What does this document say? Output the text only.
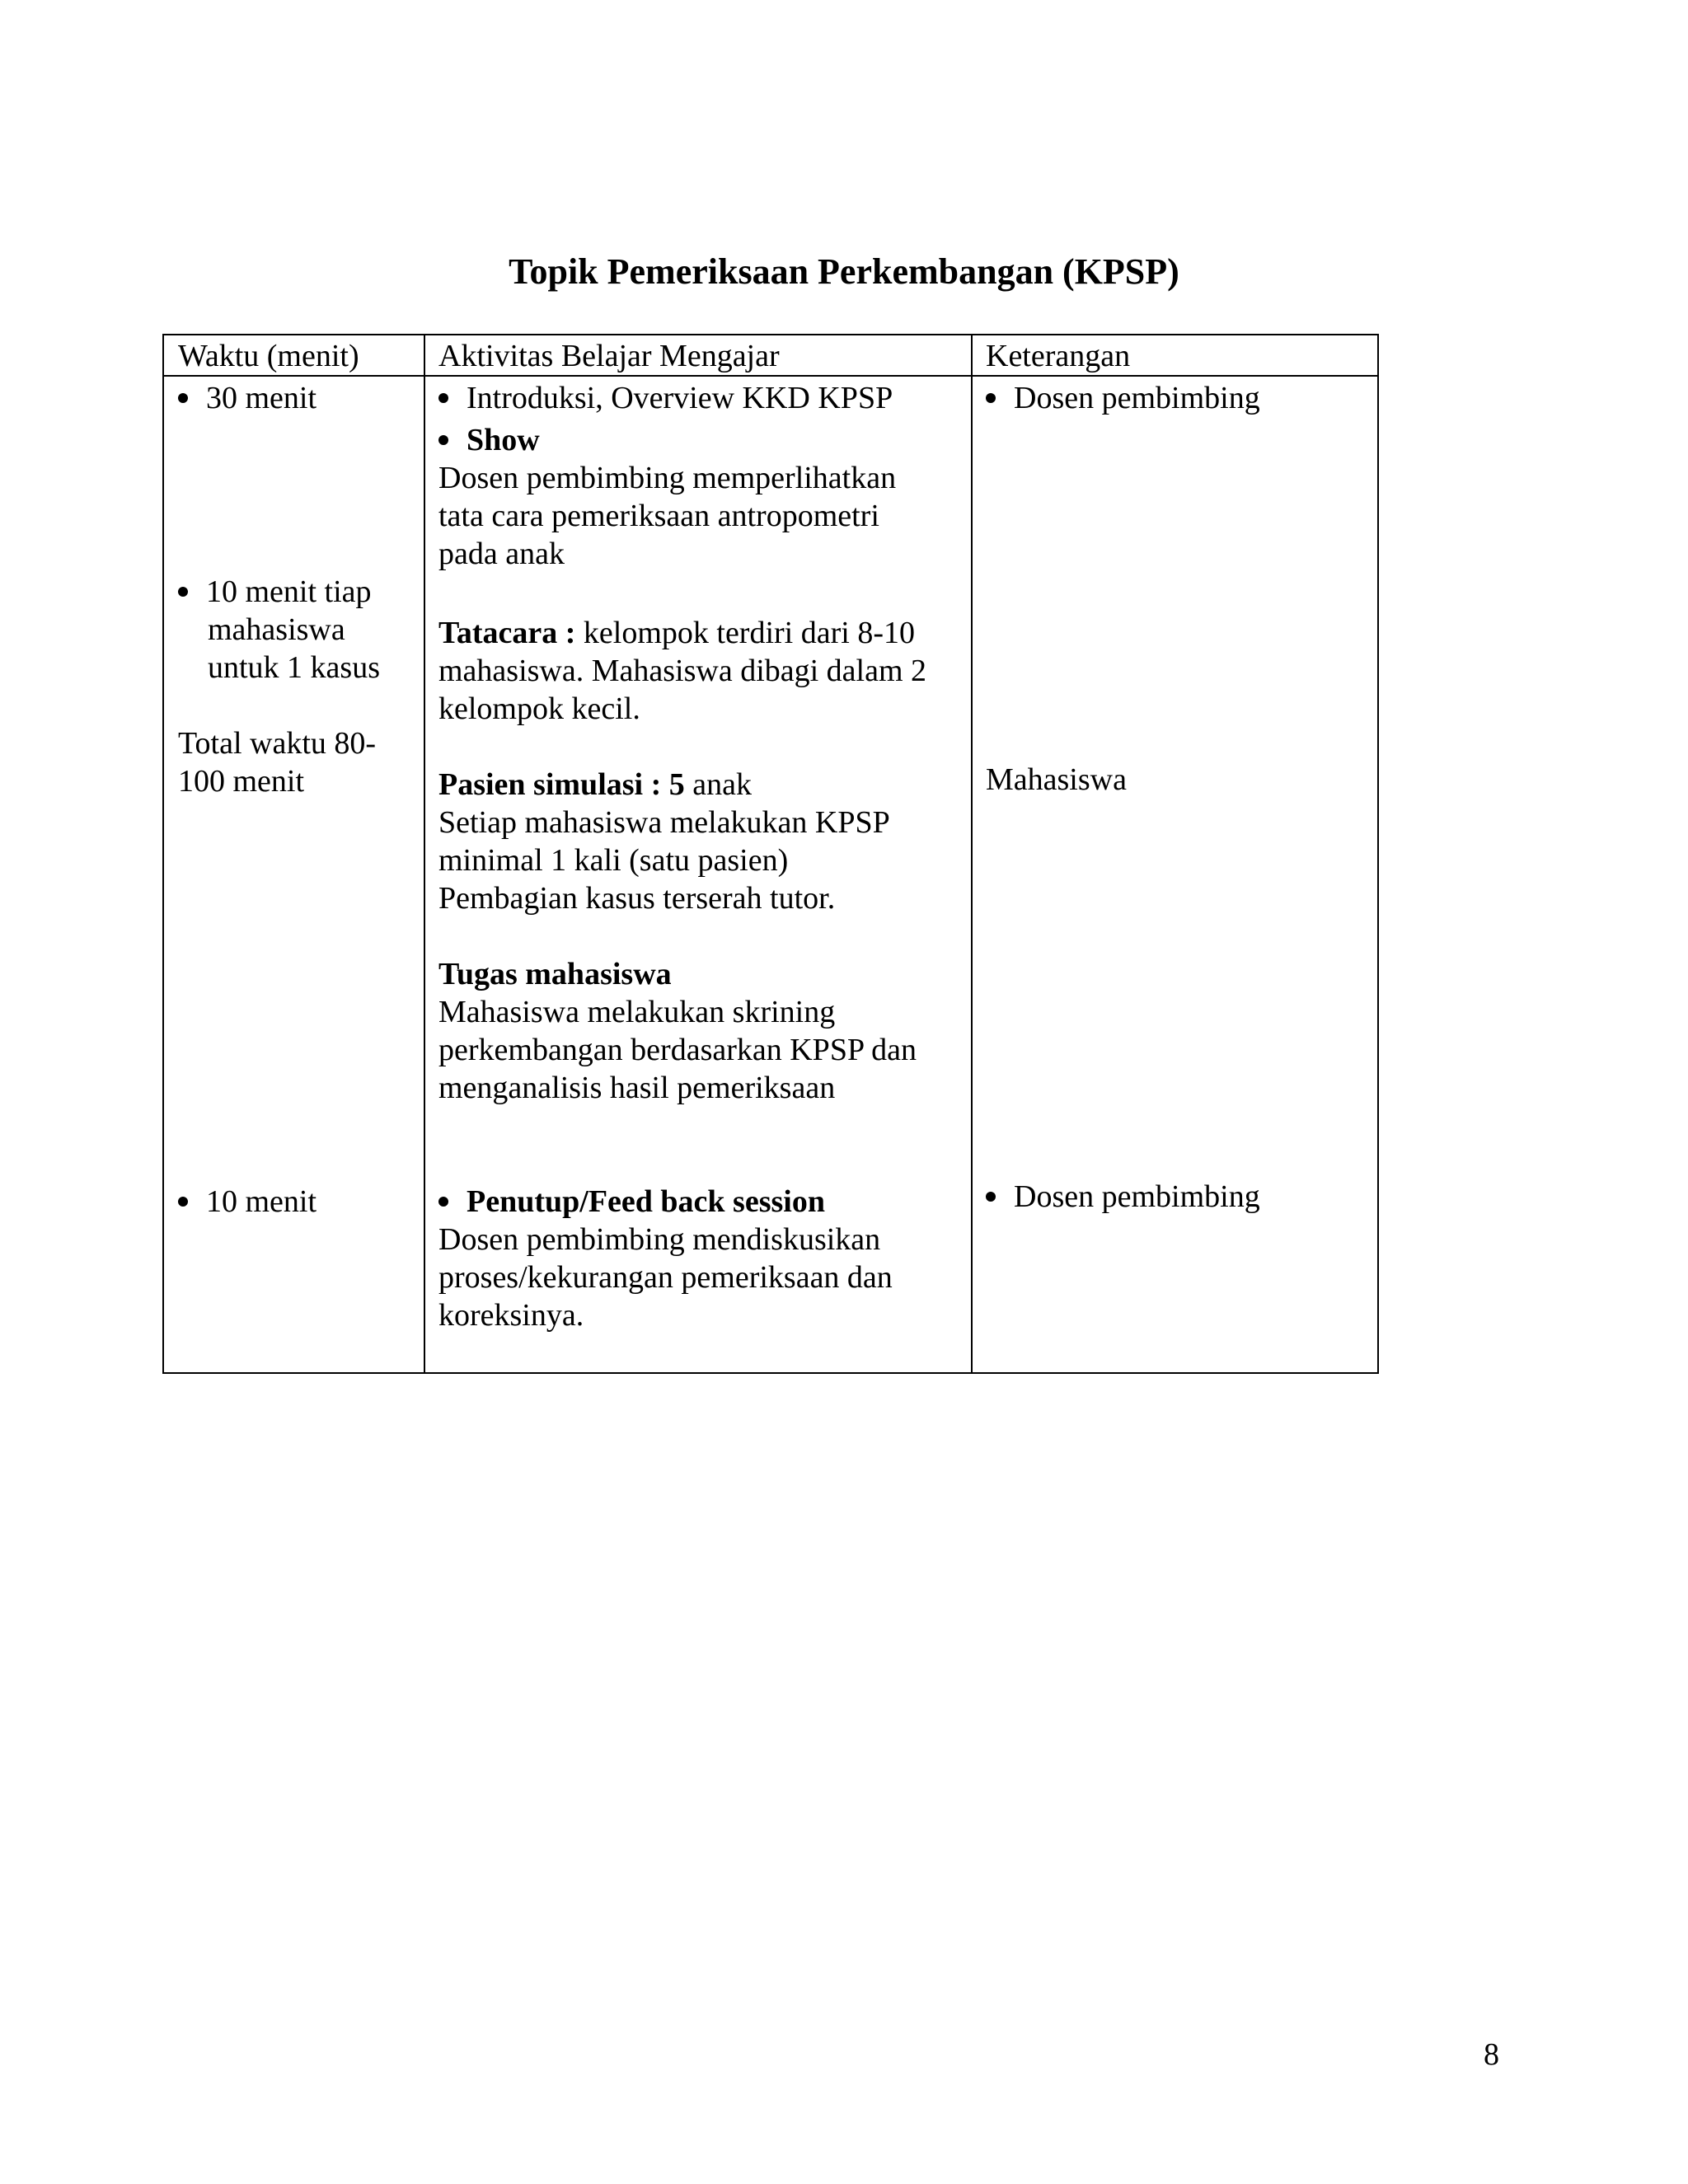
Topik Pemeriksaan Perkembangan (KPSP)
Waktu (menit)	Aktivitas Belajar Mengajar	Keterangan
30 menit
10 menit tiap
mahasiswa
untuk 1 kasus
Total waktu 80-
100 menit
10 menit
Introduksi, Overview KKD KPSP
Show
Dosen pembimbing memperlihatkan
tata cara pemeriksaan antropometri
pada anak
Tatacara : kelompok terdiri dari 8-10
mahasiswa. Mahasiswa dibagi dalam 2
kelompok kecil.
Pasien simulasi : 5 anak
Setiap mahasiswa melakukan KPSP
minimal 1 kali (satu pasien)
Pembagian kasus terserah tutor.
Tugas mahasiswa
Mahasiswa melakukan skrining
perkembangan berdasarkan KPSP dan
menganalisis hasil pemeriksaan
Penutup/Feed back session
Dosen pembimbing mendiskusikan
proses/kekurangan pemeriksaan dan
koreksinya.
Dosen pembimbing
Mahasiswa
Dosen pembimbing
8
